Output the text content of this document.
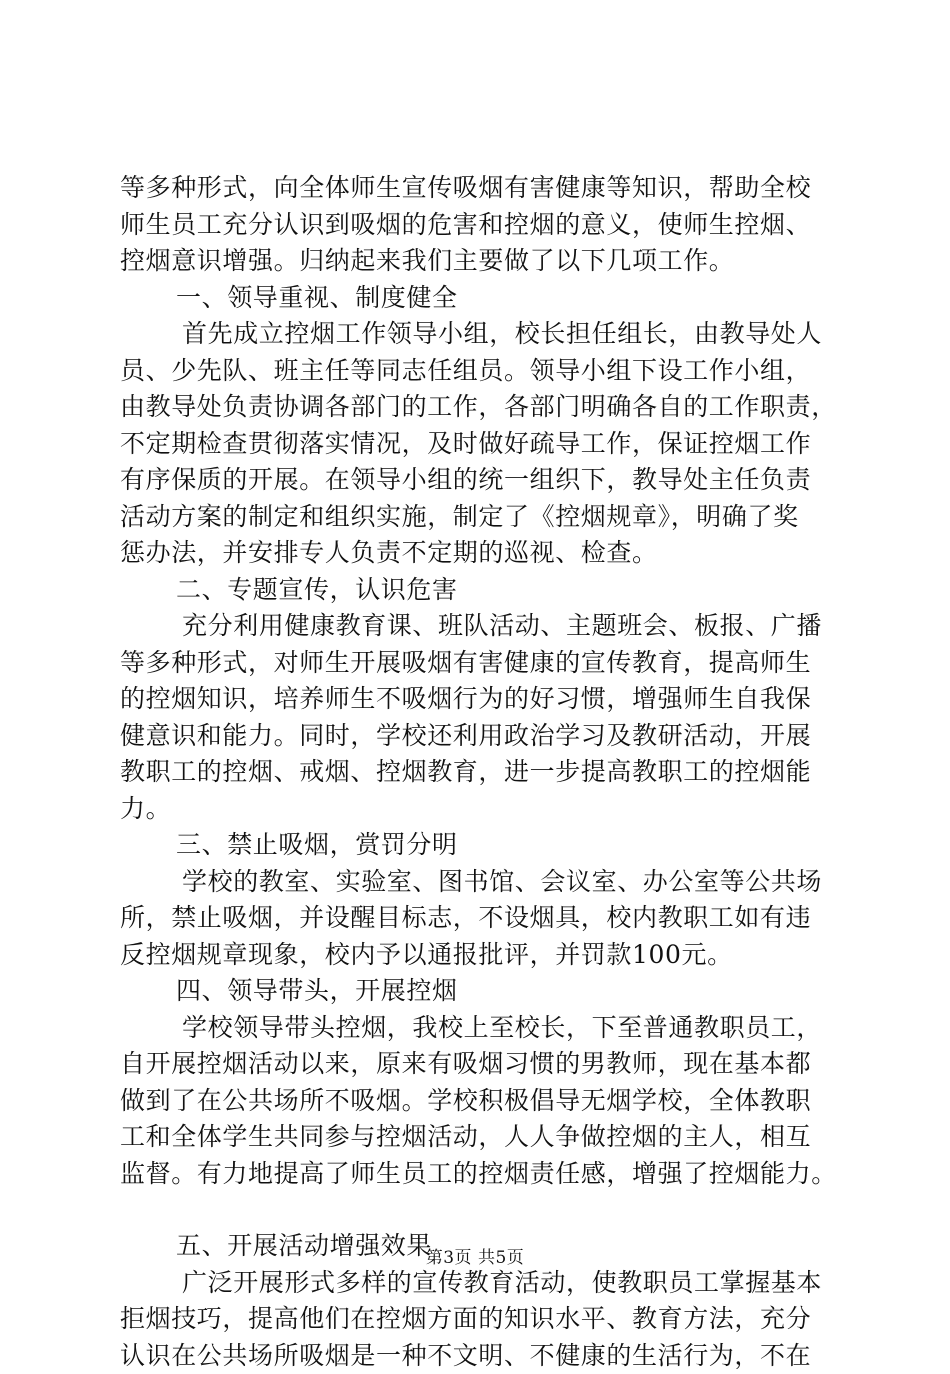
等多种形式，向全体师生宣传吸烟有害健康等知识，帮助全校
师生员工充分认识到吸烟的危害和控烟的意义，使师生控烟、
控烟意识增强。归纳起来我们主要做了以下几项工作。
一、领导重视、制度健全
首先成立控烟工作领导小组，校长担任组长，由教导处人
员、少先队、班主任等同志任组员。领导小组下设工作小组，
由教导处负责协调各部门的工作，各部门明确各自的工作职责，
不定期检查贯彻落实情况，及时做好疏导工作，保证控烟工作
有序保质的开展。在领导小组的统一组织下，教导处主任负责
活动方案的制定和组织实施，制定了《控烟规章》，明确了奖
惩办法，并安排专人负责不定期的巡视、检查。
二、专题宣传，认识危害
充分利用健康教育课、班队活动、主题班会、板报、广播
等多种形式，对师生开展吸烟有害健康的宣传教育，提高师生
的控烟知识，培养师生不吸烟行为的好习惯，增强师生自我保
健意识和能力。同时，学校还利用政治学习及教研活动，开展
教职工的控烟、戒烟、控烟教育，进一步提高教职工的控烟能
力。
三、禁止吸烟，赏罚分明
学校的教室、实验室、图书馆、会议室、办公室等公共场
所，禁止吸烟，并设醒目标志，不设烟具，校内教职工如有违
反控烟规章现象，校内予以通报批评，并罚款100元。
四、领导带头，开展控烟
学校领导带头控烟，我校上至校长，下至普通教职员工，
自开展控烟活动以来，原来有吸烟习惯的男教师，现在基本都
做到了在公共场所不吸烟。学校积极倡导无烟学校，全体教职
工和全体学生共同参与控烟活动，人人争做控烟的主人，相互
监督。有力地提高了师生员工的控烟责任感，增强了控烟能力。
五、开展活动增强效果
广泛开展形式多样的宣传教育活动，使教职员工掌握基本
拒烟技巧，提高他们在控烟方面的知识水平、教育方法，充分
认识在公共场所吸烟是一种不文明、不健康的生活行为，不在
第3页 共5页
